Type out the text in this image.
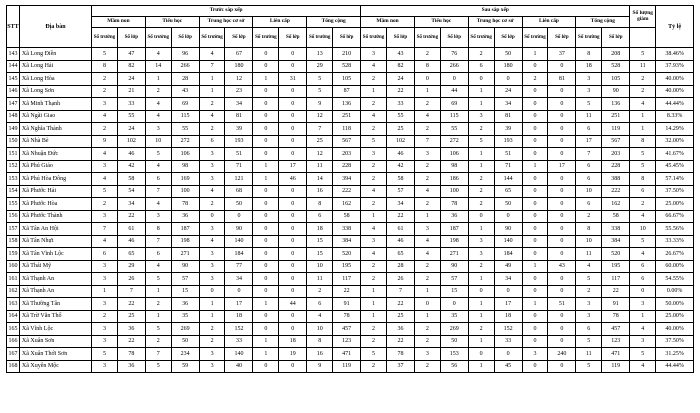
STT	Địa bàn	Trước sắp xếp										Sau sắp xếp										Số lượng giảm	Tỷ lệ
		Mầm non		Tiểu học		Trung học cơ sở		Liên cấp		Tổng cộng		Mầm non		Tiểu học		Trung học cơ sở		Liên cấp		Tổng cộng			
		Số trường	Số lớp	Số trường	Số lớp	Số trường	Số lớp	Số trường	Số lớp	Số trường	Số lớp	Số trường	Số lớp	Số trường	Số lớp	Số trường	Số lớp	Số trường	Số lớp	Số trường	Số lớp		
143	Xã Long Điền	5	47	4	96	4	67	0	0	13	210	3	43	2	76	2	50	1	37	8	208	5	38.46%
144	Xã Long Hải	8	82	14	266	7	180	0	0	29	528	4	82	8	266	6	180	0	0	18	528	11	37.93%
145	Xã Long Hòa	2	24	1	28	1	12	1	31	5	105	2	24	0	0	0	0	2	81	3	105	2	40.00%
146	Xã Long Sơn	2	21	2	43	1	23	0	0	5	87	1	22	1	44	1	24	0	0	3	90	2	40.00%
147	Xã Minh Thạnh	3	33	4	69	2	34	0	0	9	136	2	33	2	69	1	34	0	0	5	136	4	44.44%
148	Xã Ngãi Giao	4	55	4	115	4	81	0	0	12	251	4	55	4	115	3	81	0	0	11	251	1	8.33%
149	Xã Nghĩa Thành	2	24	3	55	2	39	0	0	7	118	2	25	2	55	2	39	0	0	6	119	1	14.29%
150	Xã Nhà Bè	9	102	10	272	6	193	0	0	25	567	5	102	7	272	5	193	0	0	17	567	8	32.00%
151	Xã Nhuận Đức	4	46	5	106	3	51	0	0	12	203	3	46	3	106	1	51	0	0	7	203	5	41.67%
152	Xã Phú Giáo	3	42	4	98	3	71	1	17	11	228	2	42	2	98	1	71	1	17	6	228	5	45.45%
153	Xã Phú Hòa Đông	4	58	6	169	3	121	1	46	14	394	2	58	2	186	2	144	0	0	6	388	8	57.14%
154	Xã Phước Hải	5	54	7	100	4	68	0	0	16	222	4	57	4	100	2	65	0	0	10	222	6	37.50%
155	Xã Phước Hòa	2	34	4	78	2	50	0	0	8	162	2	34	2	78	2	50	0	0	6	162	2	25.00%
156	Xã Phước Thành	3	22	3	36	0	0	0	0	6	58	1	22	1	36	0	0	0	0	2	58	4	66.67%
157	Xã Tân An Hội	7	61	8	187	3	90	0	0	18	338	4	61	3	187	1	90	0	0	8	338	10	55.56%
158	Xã Tân Nhựt	4	46	7	198	4	140	0	0	15	384	3	46	4	198	3	140	0	0	10	384	5	33.33%
159	Xã Tân Vĩnh Lộc	6	65	6	271	3	184	0	0	15	520	4	65	4	271	3	184	0	0	11	520	4	26.67%
160	Xã Thái Mỹ	3	29	4	90	3	77	0	0	10	195	2	28	2	90	2	49	1	43	4	195	6	60.00%
161	Xã Thạnh An	3	26	5	57	3	34	0	0	11	117	2	26	2	57	1	34	0	0	5	117	6	54.55%
162	Xã Thạnh An	1	7	1	15	0	0	0	0	2	22	1	7	1	15	0	0	0	0	2	22	0	0.00%
163	Xã Thường Tân	3	22	2	36	1	17	1	44	6	91	1	22	0	0	1	17	1	51	3	91	3	50.00%
164	Xã Trừ Văn Thố	2	25	1	35	1	18	0	0	4	78	1	25	1	35	1	18	0	0	3	78	1	25.00%
165	Xã Vĩnh Lộc	3	36	5	269	2	152	0	0	10	457	2	36	2	269	2	152	0	0	6	457	4	40.00%
166	Xã Xuân Sơn	3	22	2	50	2	33	1	18	8	123	2	22	2	50	1	33	0	0	5	123	3	37.50%
167	Xã Xuân Thới Sơn	5	78	7	234	3	140	1	19	16	471	5	78	3	153	0	0	3	240	11	471	5	31.25%
168	Xã Xuyên Mộc	3	36	5	59	3	40	0	0	9	119	2	37	2	56	1	45	0	0	5	119	4	44.44%
